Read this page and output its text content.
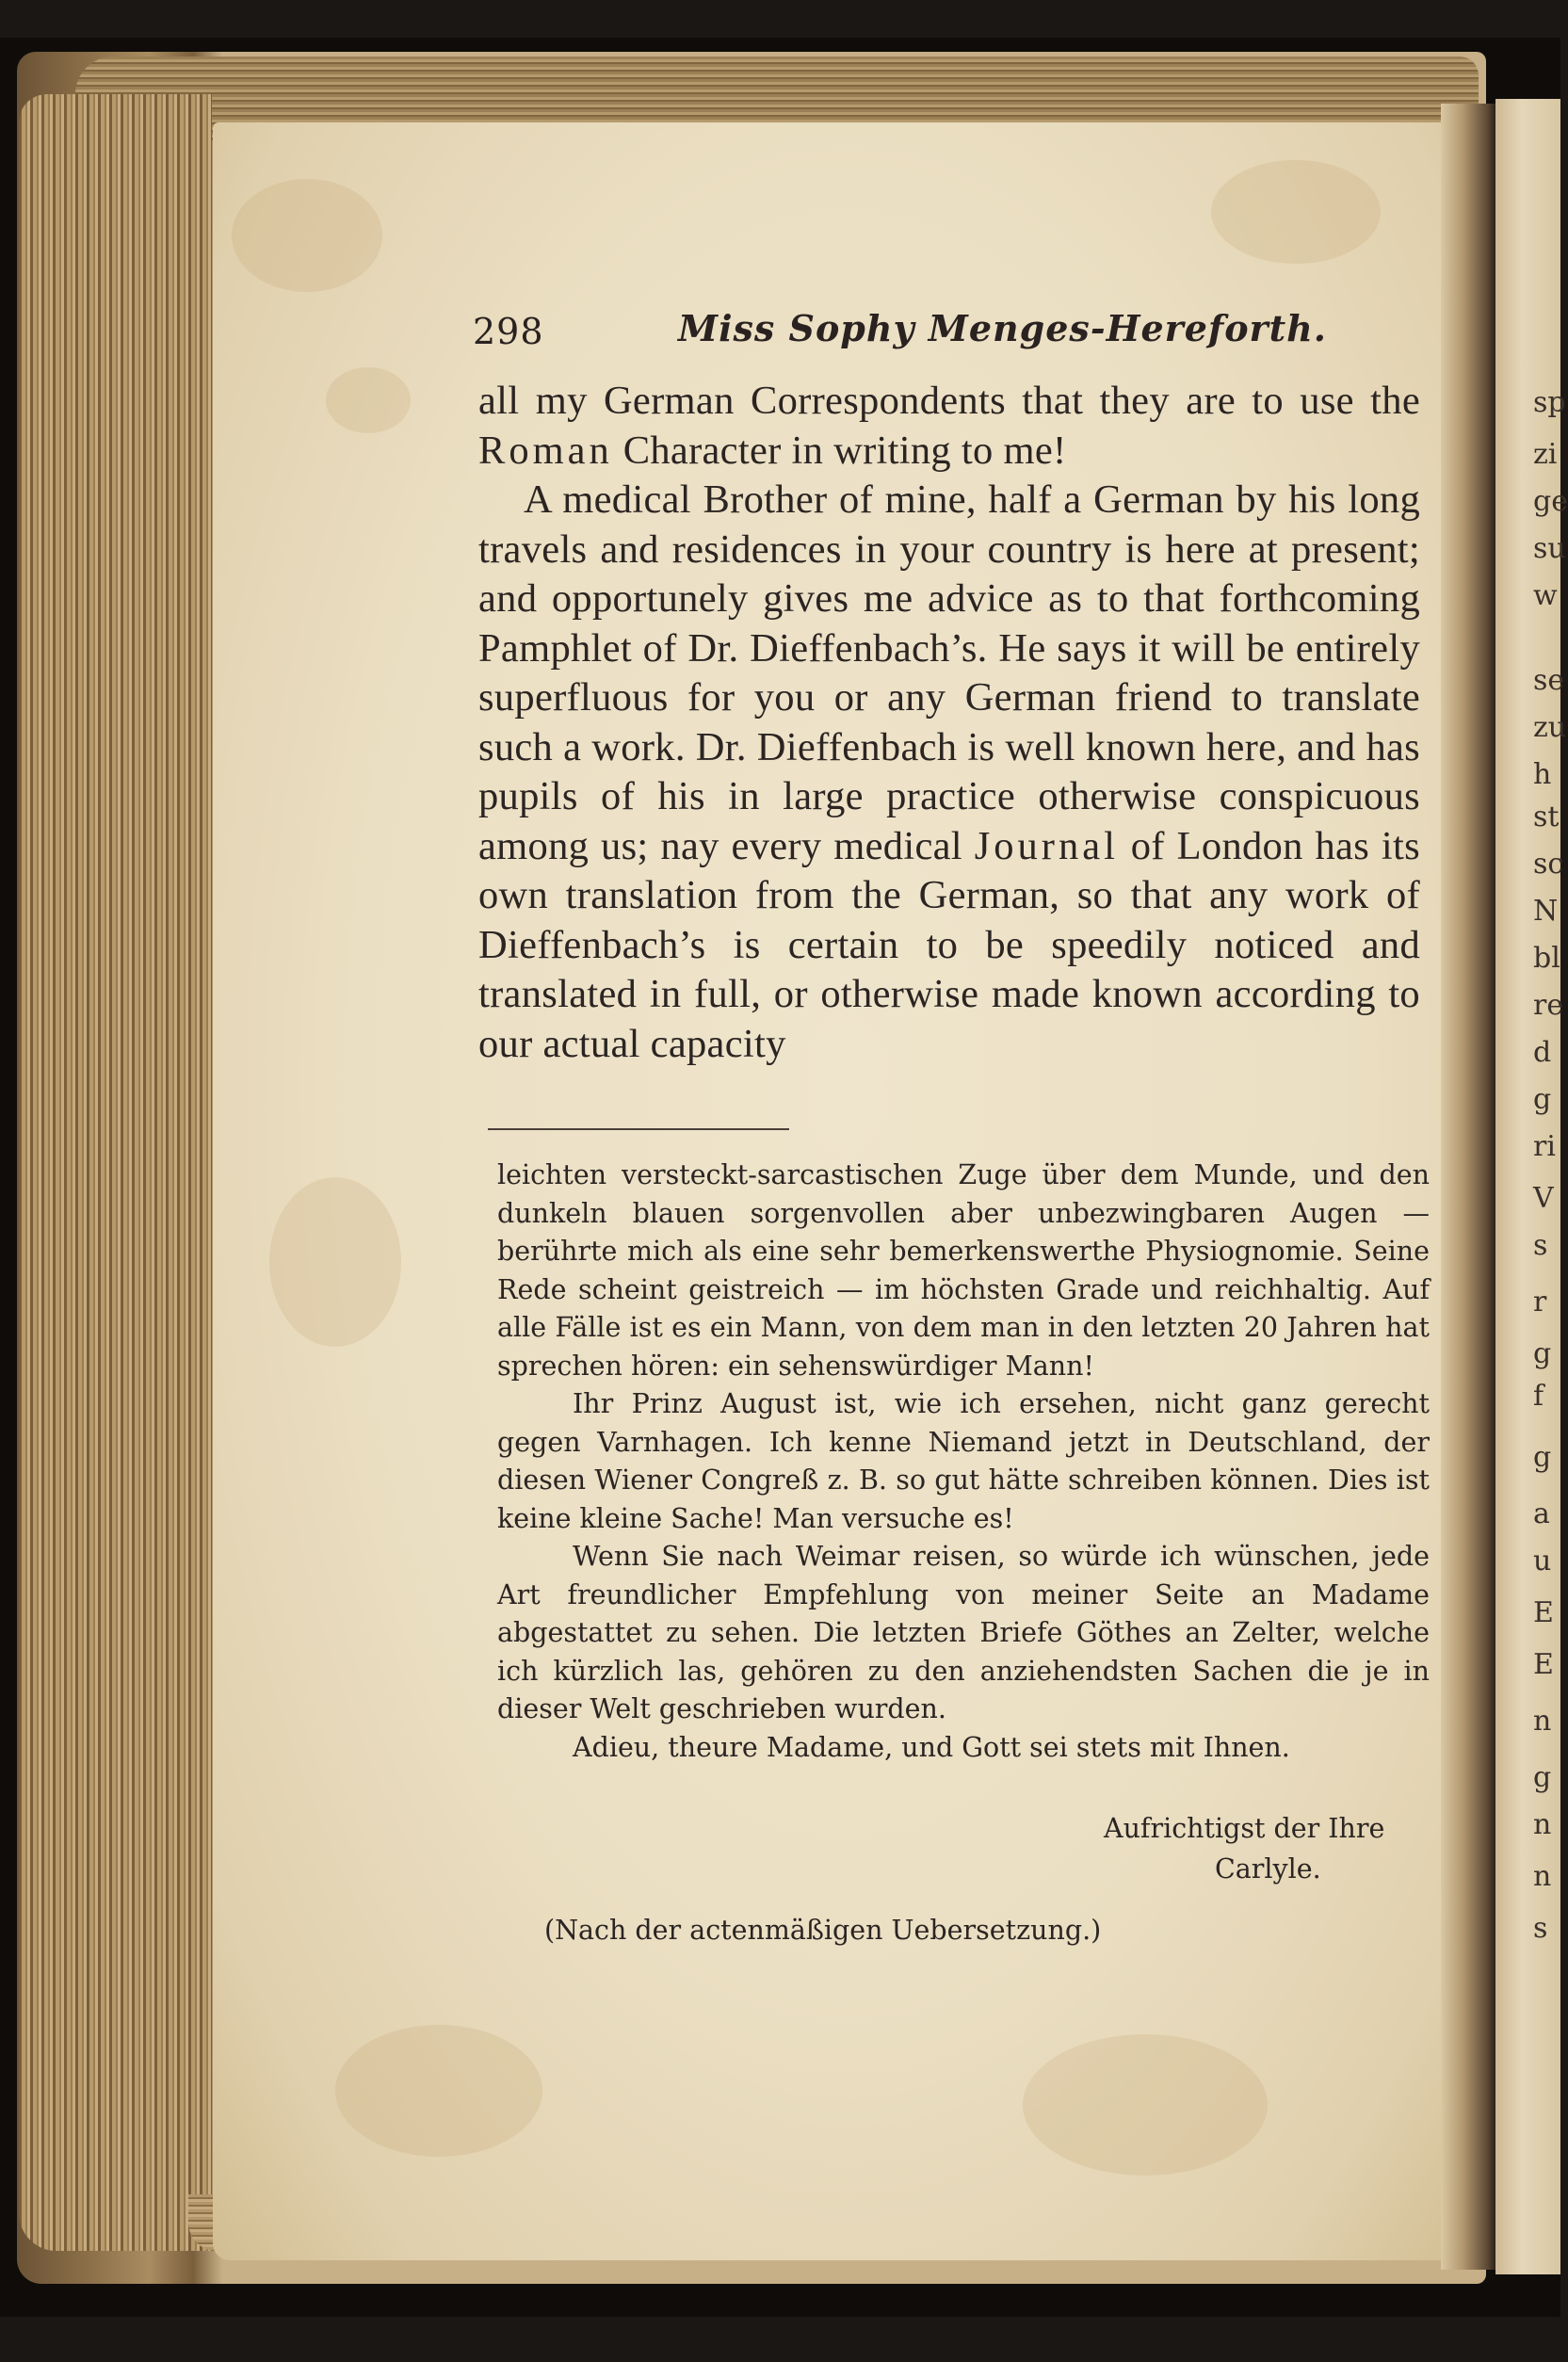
298	Miss Sophy Menges-Hereforth.

all my German Correspondents that they are to use the Roman Character in writing to me!

A medical Brother of mine, half a German by his long travels and residences in your country is here at present; and opportunely gives me advice as to that forthcoming Pamphlet of Dr. Dieffenbach’s. He says it will be entirely superfluous for you or any German friend to translate such a work. Dr. Dieffenbach is well known here, and has pupils of his in large practice otherwise conspicuous among us; nay every medical Journal of London has its own translation from the German, so that any work of Dieffenbach’s is certain to be speedily noticed and translated in full, or otherwise made known according to our actual capacity

leichten versteckt-sarcastischen Zuge über dem Munde, und den dunkeln blauen sorgenvollen aber unbezwingbaren Augen — berührte mich als eine sehr bemerkenswerthe Physiognomie. Seine Rede scheint geistreich — im höchsten Grade und reichhaltig. Auf alle Fälle ist es ein Mann, von dem man in den letzten 20 Jahren hat sprechen hören: ein sehenswürdiger Mann!

Ihr Prinz August ist, wie ich ersehen, nicht ganz gerecht gegen Varnhagen. Ich kenne Niemand jetzt in Deutschland, der diesen Wiener Congreß z. B. so gut hätte schreiben können. Dies ist keine kleine Sache! Man versuche es!

Wenn Sie nach Weimar reisen, so würde ich wünschen, jede Art freundlicher Empfehlung von meiner Seite an Madame abgestattet zu sehen. Die letzten Briefe Göthes an Zelter, welche ich kürzlich las, gehören zu den anziehendsten Sachen die je in dieser Welt geschrieben wurden.

Adieu, theure Madame, und Gott sei stets mit Ihnen.

Aufrichtigst der Ihre
Carlyle.
(Nach der actenmäßigen Uebersetzung.)
sp
zi
ge
su
w
se
zu
h
st
sc
N
bl
re
d
g
ri
V
s
r
g
f
g
a
u
E
E
n
g
n
n
s
